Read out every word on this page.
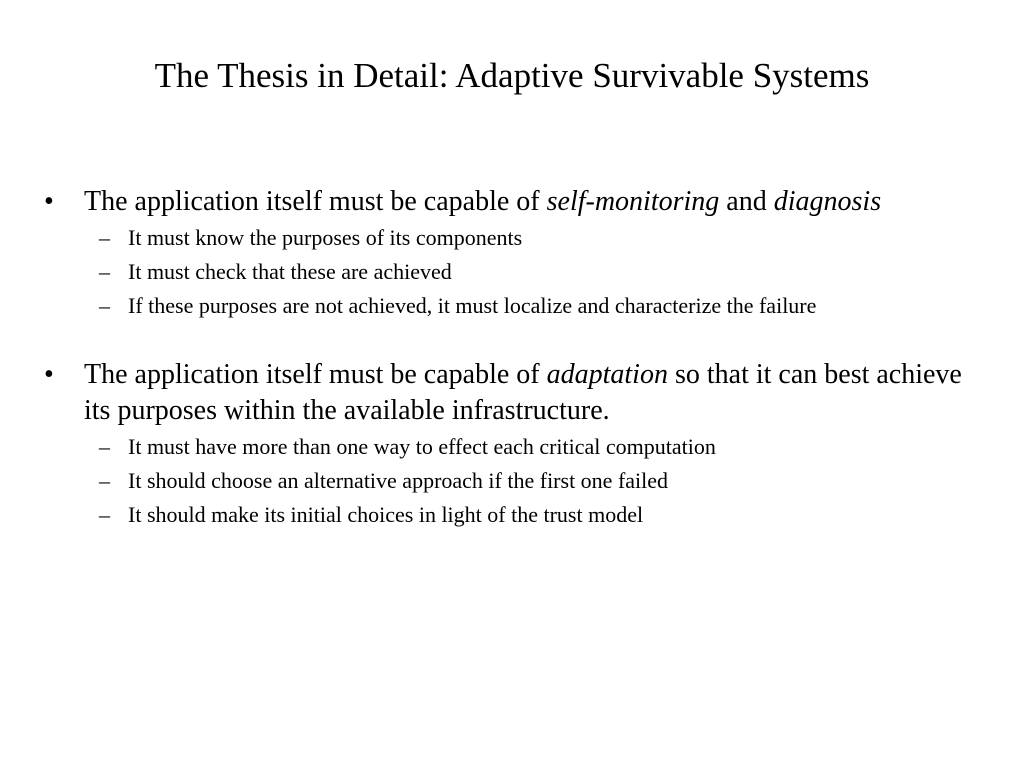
The Thesis in Detail: Adaptive Survivable Systems
•	The application itself must be capable of self-monitoring and diagnosis
– It must know the purposes of its components
– It must check that these are achieved
– If these purposes are not achieved, it must localize and characterize the failure
•	The application itself must be capable of adaptation so that it can best achieve its purposes within the available infrastructure.
– It must have more than one way to effect each critical computation
– It should choose an alternative approach if the first one failed
– It should make its initial choices in light of the trust model
